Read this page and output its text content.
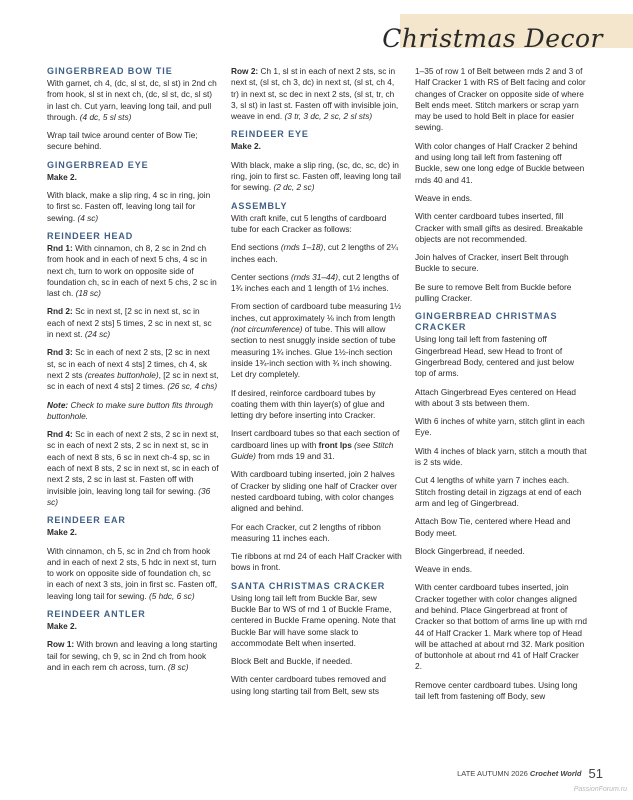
Christmas Decor
GINGERBREAD BOW TIE

With garnet, ch 4, (dc, sl st, dc, sl st) in 2nd ch from hook, sl st in next ch, (dc, sl st, dc, sl st) in last ch. Cut yarn, leaving long tail, and pull through. (4 dc, 5 sl sts)

Wrap tail twice around center of Bow Tie; secure behind.

GINGERBREAD EYE
Make 2.

With black, make a slip ring, 4 sc in ring, join to first sc. Fasten off, leaving long tail for sewing. (4 sc)

REINDEER HEAD

Rnd 1: With cinnamon, ch 8, 2 sc in 2nd ch from hook and in each of next 5 chs, 4 sc in next ch, turn to work on opposite side of foundation ch, sc in each of next 5 chs, 2 sc in last ch. (18 sc)

Rnd 2: Sc in next st, [2 sc in next st, sc in each of next 2 sts] 5 times, 2 sc in next st, sc in next st. (24 sc)

Rnd 3: Sc in each of next 2 sts, [2 sc in next st, sc in each of next 4 sts] 2 times, ch 4, sk next 2 sts (creates buttonhole), [2 sc in next st, sc in each of next 4 sts] 2 times. (26 sc, 4 chs)

Note: Check to make sure button fits through buttonhole.

Rnd 4: Sc in each of next 2 sts, 2 sc in next st, sc in each of next 2 sts, 2 sc in next st, sc in each of next 8 sts, 6 sc in next ch-4 sp, sc in each of next 8 sts, 2 sc in next st, sc in each of next 2 sts, 2 sc in last st. Fasten off with invisible join, leaving long tail for sewing. (36 sc)

REINDEER EAR
Make 2.

With cinnamon, ch 5, sc in 2nd ch from hook and in each of next 2 sts, 5 hdc in next st, turn to work on opposite side of foundation ch, sc in each of next 3 sts, join in first sc. Fasten off, leaving long tail for sewing. (5 hdc, 6 sc)

REINDEER ANTLER
Make 2.

Row 1: With brown and leaving a long starting tail for sewing, ch 9, sc in 2nd ch from hook and in each rem ch across, turn. (8 sc)

Row 2: Ch 1, sl st in each of next 2 sts, sc in next st, (sl st, ch 3, dc) in next st, (sl st, ch 4, tr) in next st, sc dec in next 2 sts, (sl st, tr, ch 3, sl st) in last st. Fasten off with invisible join, weave in end. (3 tr, 3 dc, 2 sc, 2 sl sts)

REINDEER EYE
Make 2.

With black, make a slip ring, (sc, dc, sc, dc) in ring, join to first sc. Fasten off, leaving long tail for sewing. (2 dc, 2 sc)

ASSEMBLY

With craft knife, cut 5 lengths of cardboard tube for each Cracker as follows:

End sections (rnds 1–18), cut 2 lengths of 2¼ inches each.

Center sections (rnds 31–44), cut 2 lengths of 1¾ inches each and 1 length of 1½ inches.

From section of cardboard tube measuring 1½ inches, cut approximately ⅛ inch from length (not circumference) of tube. This will allow section to nest snuggly inside section of tube measuring 1¾ inches. Glue 1½-inch section inside 1¾-inch section with ¾ inch showing. Let dry completely.

If desired, reinforce cardboard tubes by coating them with thin layer(s) of glue and letting dry before inserting into Cracker.

Insert cardboard tubes so that each section of cardboard lines up with front lps (see Stitch Guide) from rnds 19 and 31.

With cardboard tubing inserted, join 2 halves of Cracker by sliding one half of Cracker over nested cardboard tubing, with color changes aligned and behind.

For each Cracker, cut 2 lengths of ribbon measuring 11 inches each.

Tie ribbons at rnd 24 of each Half Cracker with bows in front.

SANTA CHRISTMAS CRACKER

Using long tail left from Buckle Bar, sew Buckle Bar to WS of rnd 1 of Buckle Frame, centered in Buckle Frame opening. Note that Buckle Bar will have some slack to accommodate Belt when inserted.

Block Belt and Buckle, if needed.

With center cardboard tubes removed and using long starting tail from Belt, sew sts

1–35 of row 1 of Belt between rnds 2 and 3 of Half Cracker 1 with RS of Belt facing and color changes of Cracker on opposite side of where Belt ends meet. Stitch markers or scrap yarn may be used to hold Belt in place for easier sewing.

With color changes of Half Cracker 2 behind and using long tail left from fastening off Buckle, sew one long edge of Buckle between rnds 40 and 41.

Weave in ends.

With center cardboard tubes inserted, fill Cracker with small gifts as desired. Breakable objects are not recommended.

Join halves of Cracker, insert Belt through Buckle to secure.

Be sure to remove Belt from Buckle before pulling Cracker.

GINGERBREAD CHRISTMAS CRACKER

Using long tail left from fastening off Gingerbread Head, sew Head to front of Gingerbread Body, centered and just below top of arms.

Attach Gingerbread Eyes centered on Head with about 3 sts between them.

With 6 inches of white yarn, stitch glint in each Eye.

With 4 inches of black yarn, stitch a mouth that is 2 sts wide.

Cut 4 lengths of white yarn 7 inches each. Stitch frosting detail in zigzags at end of each arm and leg of Gingerbread.

Attach Bow Tie, centered where Head and Body meet.

Block Gingerbread, if needed.

Weave in ends.

With center cardboard tubes inserted, join Cracker together with color changes aligned and behind. Place Gingerbread at front of Cracker so that bottom of arms line up with rnd 44 of Half Cracker 1. Mark where top of Head will be attached at about rnd 32. Mark position of buttonhole at about rnd 41 of Half Cracker 2.

Remove center cardboard tubes. Using long tail left from fastening off Body, sew

LATE AUTUMN 2026 Crochet World 51
PassionForum.ru
